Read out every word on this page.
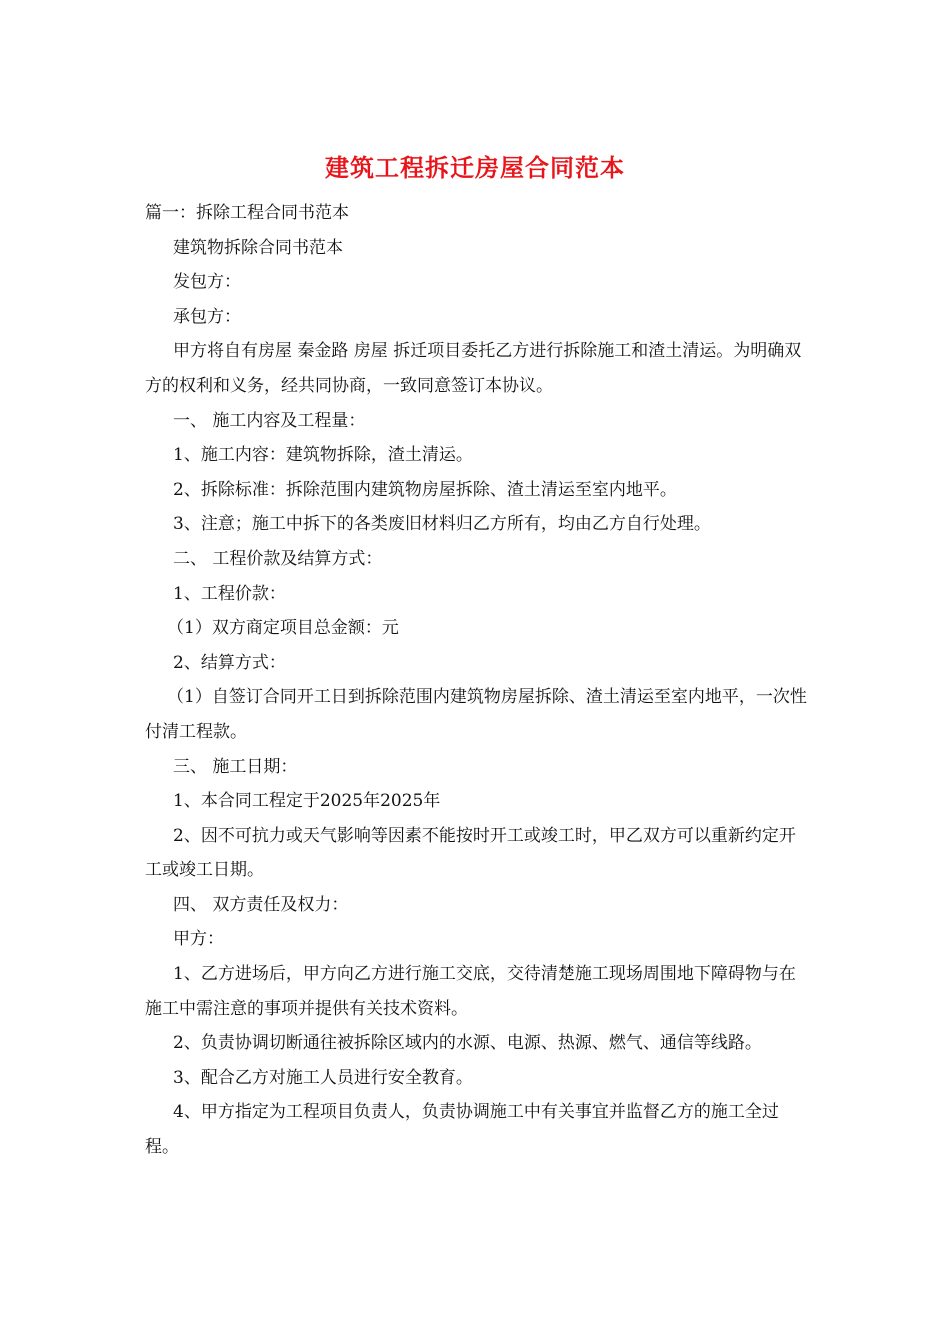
建筑工程拆迁房屋合同范本

篇一：拆除工程合同书范本

建筑物拆除合同书范本

发包方：

承包方：

甲方将自有房屋 秦金路 房屋 拆迁项目委托乙方进行拆除施工和渣土清运。为明确双方的权利和义务，经共同协商，一致同意签订本协议。

一、 施工内容及工程量：

1、施工内容：建筑物拆除，渣土清运。

2、拆除标准：拆除范围内建筑物房屋拆除、渣土清运至室内地平。

3、注意；施工中拆下的各类废旧材料归乙方所有，均由乙方自行处理。

二、 工程价款及结算方式：

1、工程价款：

（1）双方商定项目总金额：元

2、结算方式：

（1）自签订合同开工日到拆除范围内建筑物房屋拆除、渣土清运至室内地平，一次性付清工程款。

三、 施工日期：

1、本合同工程定于2025年2025年

2、因不可抗力或天气影响等因素不能按时开工或竣工时，甲乙双方可以重新约定开工或竣工日期。

四、 双方责任及权力：

甲方：

1、乙方进场后，甲方向乙方进行施工交底，交待清楚施工现场周围地下障碍物与在施工中需注意的事项并提供有关技术资料。

2、负责协调切断通往被拆除区域内的水源、电源、热源、燃气、通信等线路。

3、配合乙方对施工人员进行安全教育。

4、甲方指定为工程项目负责人，负责协调施工中有关事宜并监督乙方的施工全过程。
